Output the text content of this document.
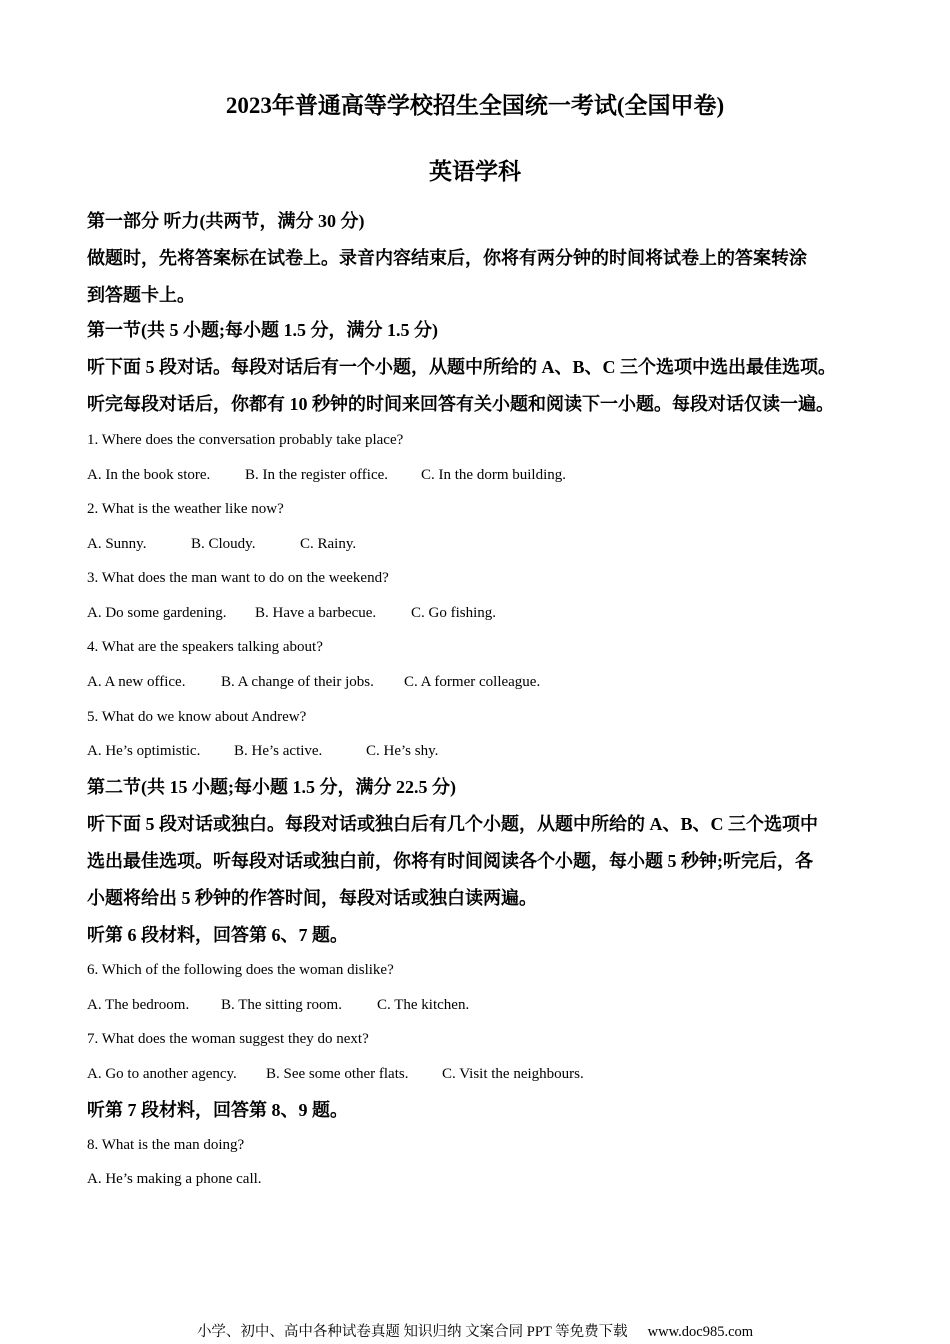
2023年普通高等学校招生全国统一考试(全国甲卷)
英语学科
第一部分 听力(共两节，满分 30 分)
做题时，先将答案标在试卷上。录音内容结束后，你将有两分钟的时间将试卷上的答案转涂
到答题卡上。
第一节(共 5 小题;每小题 1.5 分，满分 1.5 分)
听下面 5 段对话。每段对话后有一个小题，从题中所给的 A、B、C 三个选项中选出最佳选项。
听完每段对话后，你都有 10 秒钟的时间来回答有关小题和阅读下一小题。每段对话仅读一遍。
1. Where does the conversation probably take place?
A. In the book store. B. In the register office. C. In the dorm building.
2. What is the weather like now?
A. Sunny.	B. Cloudy.	C. Rainy.
3. What does the man want to do on the weekend?
A. Do some gardening. B. Have a barbecue. C. Go fishing.
4. What are the speakers talking about?
A. A new office. B. A change of their jobs. C. A former colleague.
5. What do we know about Andrew?
A. He’s optimistic. B. He’s active.	C. He’s shy.
第二节(共 15 小题;每小题 1.5 分，满分 22.5 分)
听下面 5 段对话或独白。每段对话或独白后有几个小题，从题中所给的 A、B、C 三个选项中
选出最佳选项。听每段对话或独白前，你将有时间阅读各个小题，每小题 5 秒钟;听完后，各
小题将给出 5 秒钟的作答时间，每段对话或独白读两遍。
听第 6 段材料，回答第 6、7 题。
6. Which of the following does the woman dislike?
A. The bedroom. B. The sitting room. C. The kitchen.
7. What does the woman suggest they do next?
A. Go to another agency. B. See some other flats. C. Visit the neighbours.
听第 7 段材料，回答第 8、9 题。
8. What is the man doing?
A. He’s making a phone call.
小学、初中、高中各种试卷真题 知识归纳 文案合同 PPT 等免费下载 www.doc985.com
